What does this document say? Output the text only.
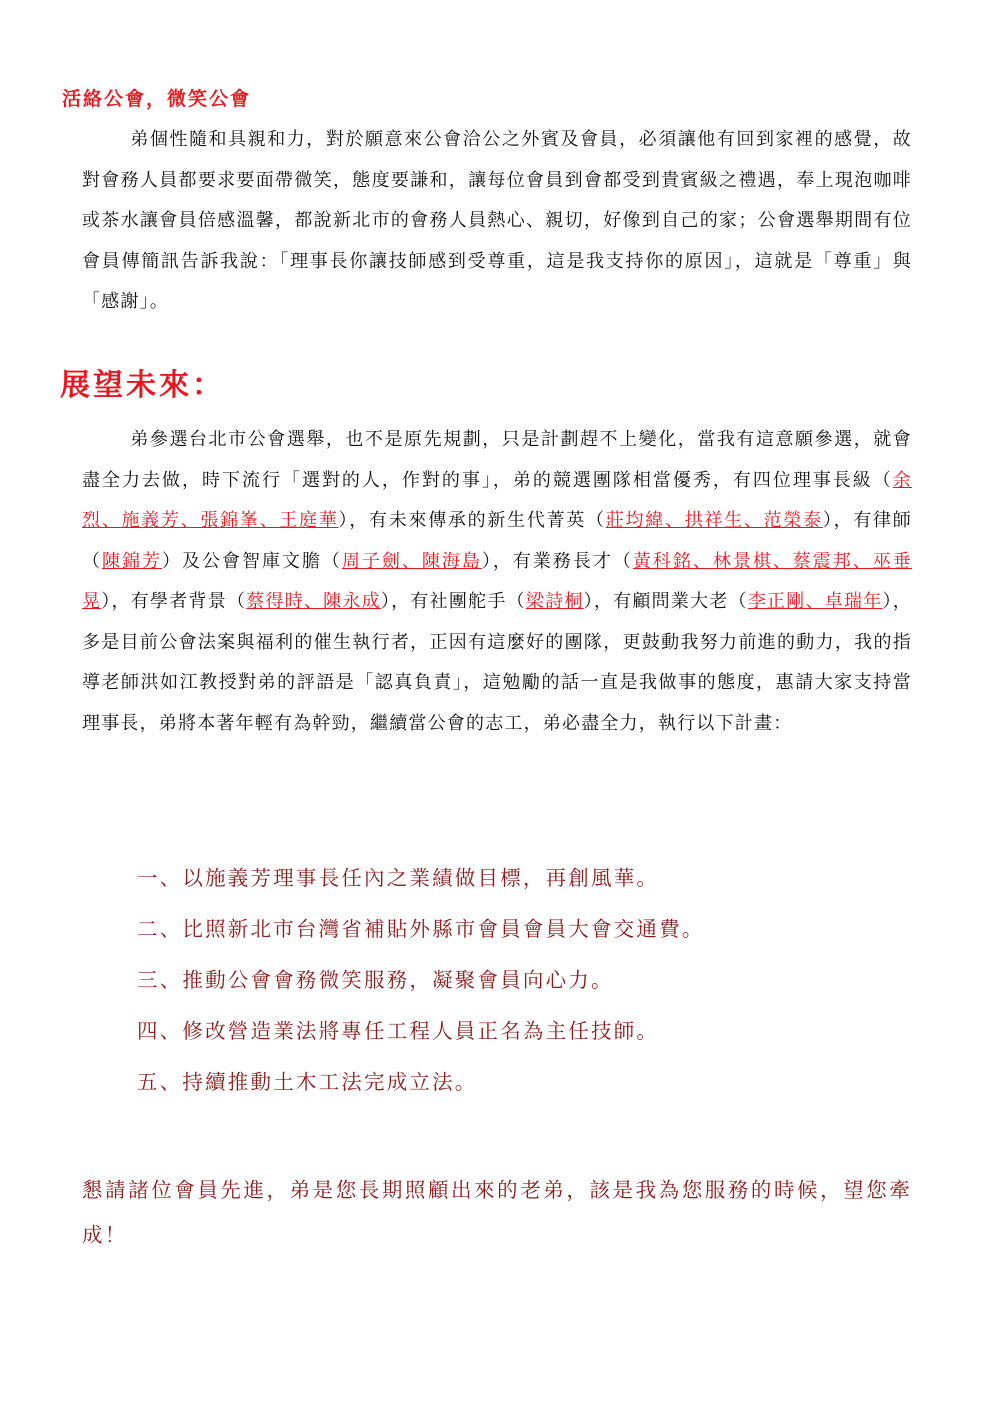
活絡公會，微笑公會

弟個性隨和具親和力，對於願意來公會洽公之外賓及會員，必須讓他有回到家裡的感覺，故對會務人員都要求要面帶微笑，態度要謙和，讓每位會員到會都受到貴賓級之禮遇，奉上現泡咖啡或茶水讓會員倍感溫馨，都說新北市的會務人員熱心、親切，好像到自己的家；公會選舉期間有位會員傳簡訊告訴我說：「理事長你讓技師感到受尊重，這是我支持你的原因」，這就是「尊重」與「感謝」。

展望未來：

弟參選台北市公會選舉，也不是原先規劃，只是計劃趕不上變化，當我有這意願參選，就會盡全力去做，時下流行「選對的人，作對的事」，弟的競選團隊相當優秀，有四位理事長級（余烈、施義芳、張錦峯、王庭華），有未來傳承的新生代菁英（莊均緯、拱祥生、范榮泰），有律師（陳錦芳）及公會智庫文膽（周子劍、陳海島），有業務長才（黃科銘、林景棋、蔡震邦、巫垂晃），有學者背景（蔡得時、陳永成），有社團舵手（梁詩桐），有顧問業大老（李正剛、卓瑞年），多是目前公會法案與福利的催生執行者，正因有這麼好的團隊，更鼓動我努力前進的動力，我的指導老師洪如江教授對弟的評語是「認真負責」，這勉勵的話一直是我做事的態度，惠請大家支持當理事長，弟將本著年輕有為幹勁，繼續當公會的志工，弟必盡全力，執行以下計畫：

一、以施義芳理事長任內之業績做目標，再創風華。
二、比照新北市台灣省補貼外縣市會員會員大會交通費。
三、推動公會會務微笑服務，凝聚會員向心力。
四、修改營造業法將專任工程人員正名為主任技師。
五、持續推動土木工法完成立法。

懇請諸位會員先進，弟是您長期照顧出來的老弟，該是我為您服務的時候，望您牽成！
